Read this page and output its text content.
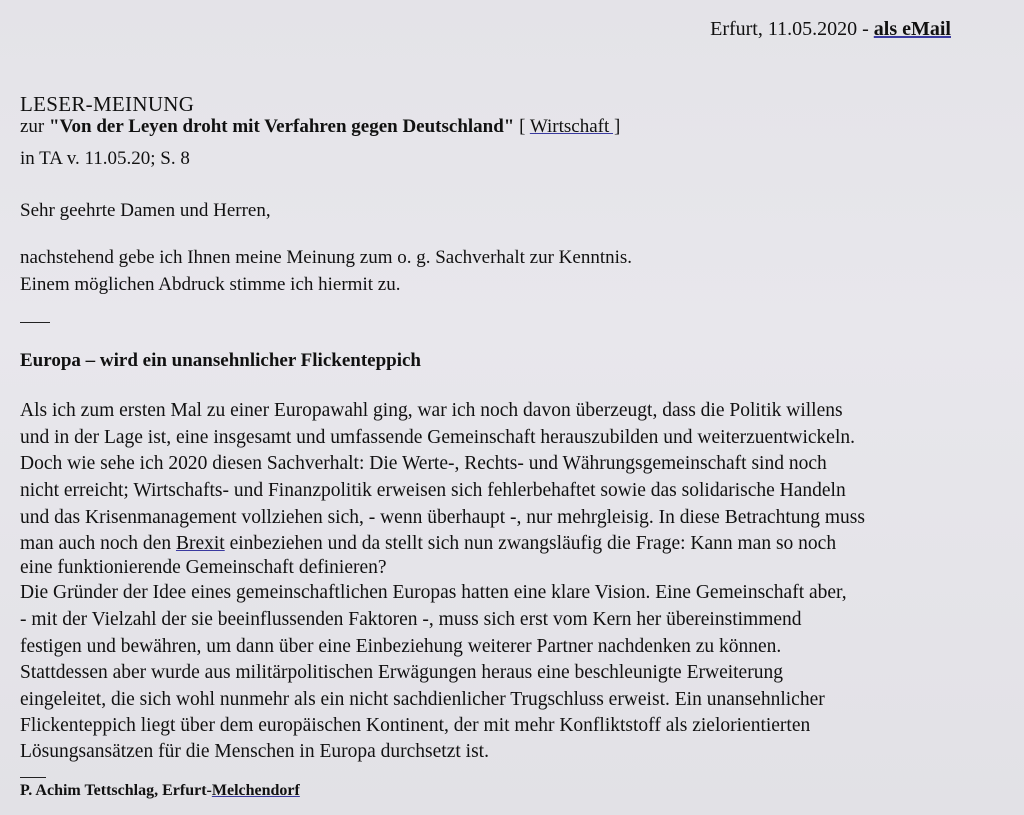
Erfurt, 11.05.2020 - als eMail
LESER-MEINUNG
zur "Von der Leyen droht mit Verfahren gegen Deutschland" [ Wirtschaft ]
in TA v. 11.05.20; S. 8
Sehr geehrte Damen und Herren,
nachstehend gebe ich Ihnen meine Meinung zum o. g. Sachverhalt zur Kenntnis.
Einem möglichen Abdruck stimme ich hiermit zu.
Europa – wird ein unansehnlicher Flickenteppich
Als ich zum ersten Mal zu einer Europawahl ging, war ich noch davon überzeugt, dass die Politik willens
und in der Lage ist, eine insgesamt und umfassende Gemeinschaft herauszubilden und weiterzuentwickeln.
Doch wie sehe ich 2020 diesen Sachverhalt: Die Werte-, Rechts- und Währungsgemeinschaft sind noch
nicht erreicht; Wirtschafts- und Finanzpolitik erweisen sich fehlerbehaftet sowie das solidarische Handeln
und das Krisenmanagement vollziehen sich, - wenn überhaupt -, nur mehrgleisig. In diese Betrachtung muss
man auch noch den Brexit einbeziehen und da stellt sich nun zwangsläufig die Frage: Kann man so noch
eine funktionierende Gemeinschaft definieren?
Die Gründer der Idee eines gemeinschaftlichen Europas hatten eine klare Vision. Eine Gemeinschaft aber,
- mit der Vielzahl der sie beeinflussenden Faktoren -, muss sich erst vom Kern her übereinstimmend
festigen und bewähren, um dann über eine Einbeziehung weiterer Partner nachdenken zu können.
Stattdessen aber wurde aus militärpolitischen Erwägungen heraus eine beschleunigte Erweiterung
eingeleitet, die sich wohl nunmehr als ein nicht sachdienlicher Trugschluss erweist. Ein unansehnlicher
Flickenteppich liegt über dem europäischen Kontinent, der mit mehr Konfliktstoff als zielorientierten
Lösungsansätzen für die Menschen in Europa durchsetzt ist.
P. Achim Tettschlag, Erfurt-Melchendorf
